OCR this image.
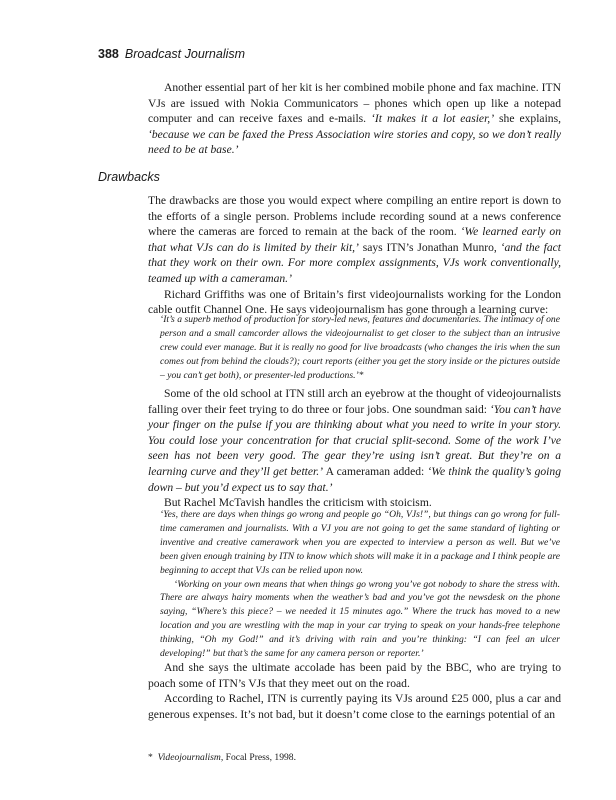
388 Broadcast Journalism

Another essential part of her kit is her combined mobile phone and fax machine. ITN VJs are issued with Nokia Communicators – phones which open up like a notepad computer and can receive faxes and e-mails. ‘It makes it a lot easier,’ she explains, ‘because we can be faxed the Press Association wire stories and copy, so we don’t really need to be at base.’

Drawbacks

The drawbacks are those you would expect where compiling an entire report is down to the efforts of a single person. Problems include recording sound at a news conference where the cameras are forced to remain at the back of the room. ‘We learned early on that what VJs can do is limited by their kit,’ says ITN’s Jonathan Munro, ‘and the fact that they work on their own. For more complex assignments, VJs work conventionally, teamed up with a cameraman.’

Richard Griffiths was one of Britain’s first videojournalists working for the London cable outfit Channel One. He says videojournalism has gone through a learning curve:

‘It’s a superb method of production for story-led news, features and documentaries. The intimacy of one person and a small camcorder allows the videojournalist to get closer to the subject than an intrusive crew could ever manage. But it is really no good for live broadcasts (who changes the iris when the sun comes out from behind the clouds?); court reports (either you get the story inside or the pictures outside – you can’t get both), or presenter-led productions.’*

Some of the old school at ITN still arch an eyebrow at the thought of videojournalists falling over their feet trying to do three or four jobs. One soundman said: ‘You can’t have your finger on the pulse if you are thinking about what you need to write in your story. You could lose your concentration for that crucial split-second. Some of the work I’ve seen has not been very good. The gear they’re using isn’t great. But they’re on a learning curve and they’ll get better.’ A cameraman added: ‘We think the quality’s going down – but you’d expect us to say that.’

But Rachel McTavish handles the criticism with stoicism.

‘Yes, there are days when things go wrong and people go “Oh, VJs!”, but things can go wrong for full-time cameramen and journalists. With a VJ you are not going to get the same standard of lighting or inventive and creative camerawork when you are expected to interview a person as well. But we’ve been given enough training by ITN to know which shots will make it in a package and I think people are beginning to accept that VJs can be relied upon now.

‘Working on your own means that when things go wrong you’ve got nobody to share the stress with. There are always hairy moments when the weather’s bad and you’ve got the newsdesk on the phone saying, “Where’s this piece? – we needed it 15 minutes ago.” Where the truck has moved to a new location and you are wrestling with the map in your car trying to speak on your hands-free telephone thinking, “Oh my God!” and it’s driving with rain and you’re thinking: “I can feel an ulcer developing!” but that’s the same for any camera person or reporter.’

And she says the ultimate accolade has been paid by the BBC, who are trying to poach some of ITN’s VJs that they meet out on the road.

According to Rachel, ITN is currently paying its VJs around £25 000, plus a car and generous expenses. It’s not bad, but it doesn’t come close to the earnings potential of an

* Videojournalism, Focal Press, 1998.
